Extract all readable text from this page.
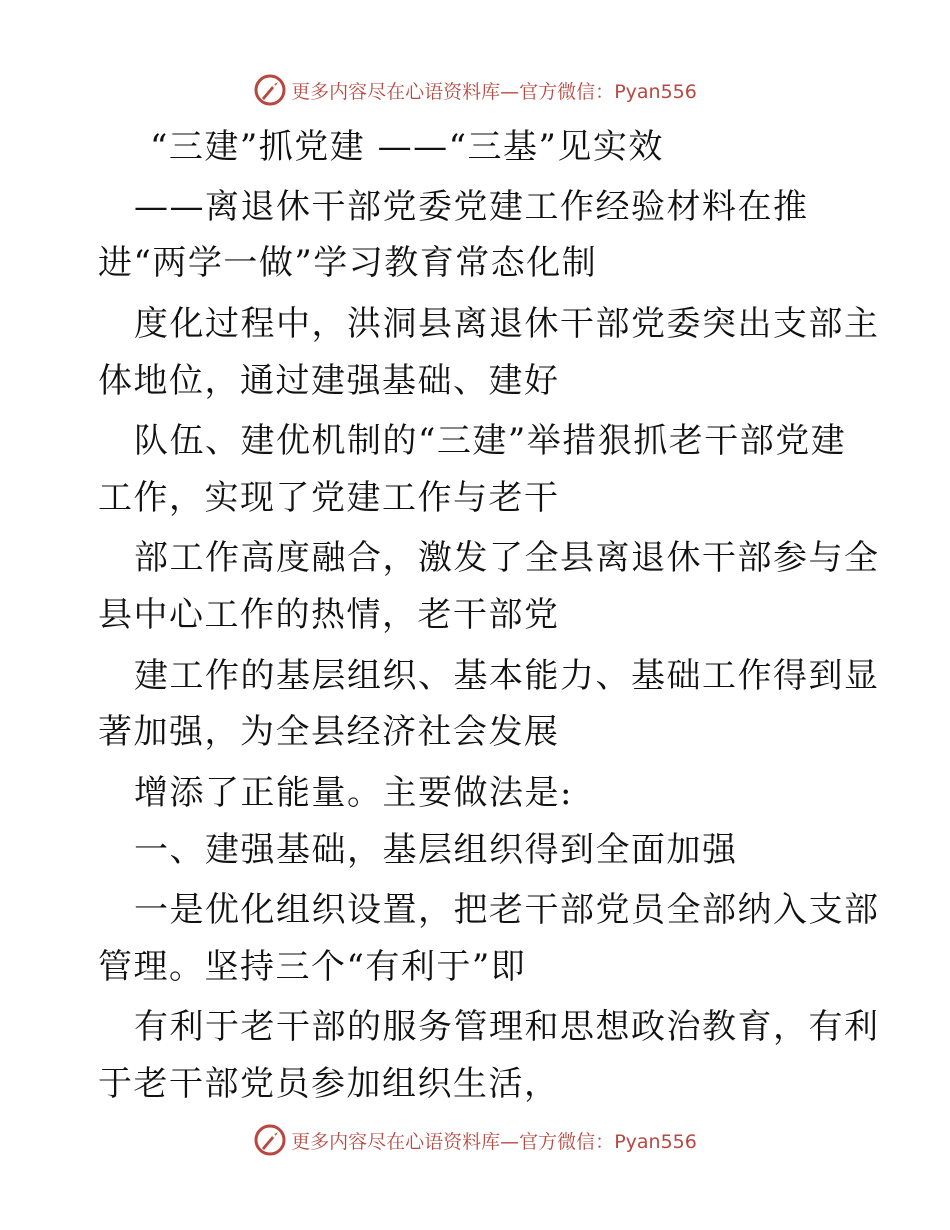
更多内容尽在心语资料库—官方微信：Pyan556
“三建”抓党建 ——“三基”见实效
——离退休干部党委党建工作经验材料在推
进“两学一做”学习教育常态化制
度化过程中，洪洞县离退休干部党委突出支部主
体地位，通过建强基础、建好
队伍、建优机制的“三建”举措狠抓老干部党建
工作，实现了党建工作与老干
部工作高度融合，激发了全县离退休干部参与全
县中心工作的热情，老干部党
建工作的基层组织、基本能力、基础工作得到显
著加强，为全县经济社会发展
增添了正能量。主要做法是:
一、建强基础，基层组织得到全面加强
一是优化组织设置，把老干部党员全部纳入支部
管理。坚持三个“有利于”即
有利于老干部的服务管理和思想政治教育，有利
于老干部党员参加组织生活，
更多内容尽在心语资料库—官方微信：Pyan556
